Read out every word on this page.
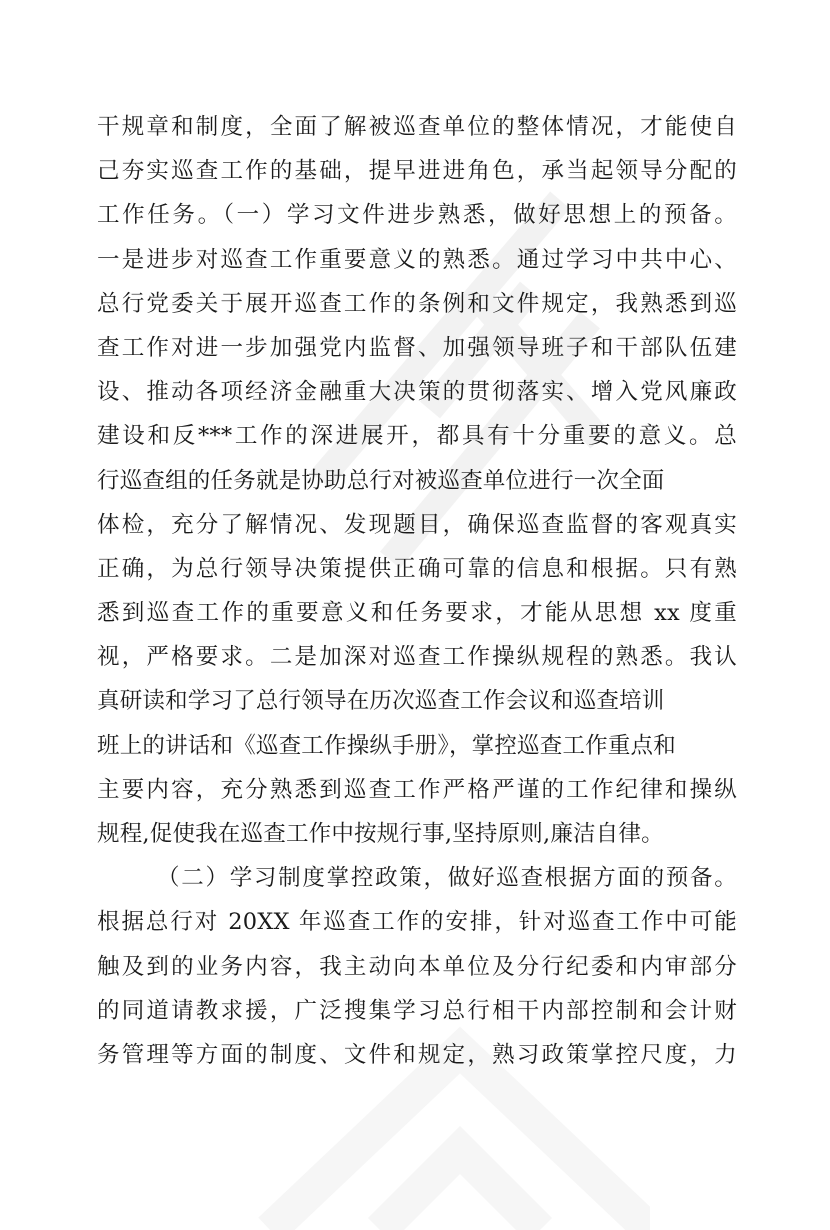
干规章和制度，全面了解被巡查单位的整体情况，才能使自
己夯实巡查工作的基础，提早进进角色，承当起领导分配的
工作任务。（一）学习文件进步熟悉，做好思想上的预备。
一是进步对巡查工作重要意义的熟悉。通过学习中共中心、
总行党委关于展开巡查工作的条例和文件规定，我熟悉到巡
查工作对进一步加强党内监督、加强领导班子和干部队伍建
设、推动各项经济金融重大决策的贯彻落实、增入党风廉政
建设和反***工作的深进展开，都具有十分重要的意义。总
行巡查组的任务就是协助总行对被巡查单位进行一次全面
体检，充分了解情况、发现题目，确保巡查监督的客观真实
正确，为总行领导决策提供正确可靠的信息和根据。只有熟
悉到巡查工作的重要意义和任务要求，才能从思想 xx 度重
视，严格要求。二是加深对巡查工作操纵规程的熟悉。我认
真研读和学习了总行领导在历次巡查工作会议和巡查培训
班上的讲话和《巡查工作操纵手册》，掌控巡查工作重点和
主要内容，充分熟悉到巡查工作严格严谨的工作纪律和操纵
规程,促使我在巡查工作中按规行事,坚持原则,廉洁自律。
（二）学习制度掌控政策，做好巡查根据方面的预备。
根据总行对 20XX 年巡查工作的安排，针对巡查工作中可能
触及到的业务内容，我主动向本单位及分行纪委和内审部分
的同道请教求援，广泛搜集学习总行相干内部控制和会计财
务管理等方面的制度、文件和规定，熟习政策掌控尺度，力
